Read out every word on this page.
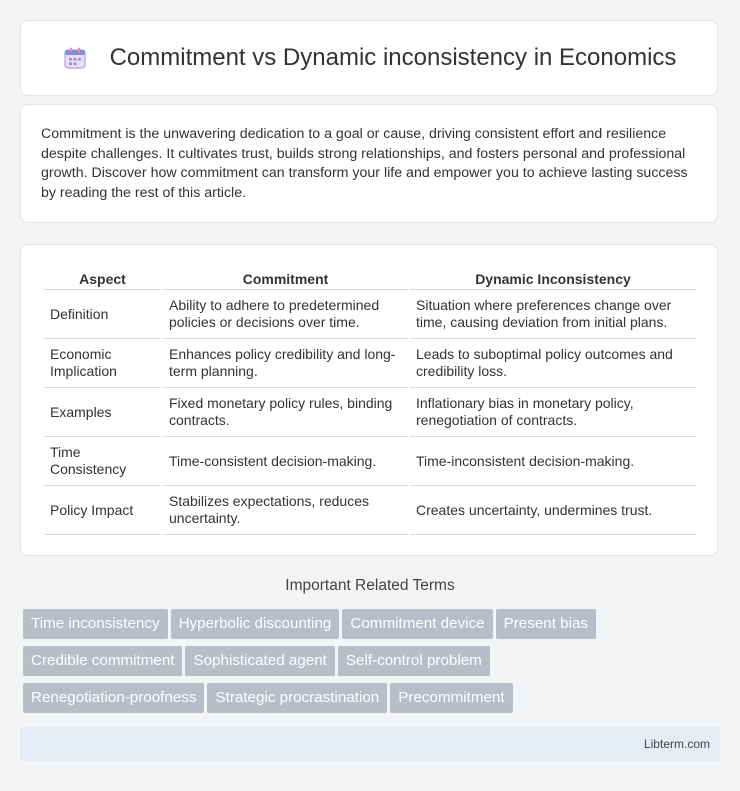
Commitment vs Dynamic inconsistency in Economics

Commitment is the unwavering dedication to a goal or cause, driving consistent effort and resilience despite challenges. It cultivates trust, builds strong relationships, and fosters personal and professional growth. Discover how commitment can transform your life and empower you to achieve lasting success by reading the rest of this article.

Aspect	Commitment	Dynamic Inconsistency
Definition	Ability to adhere to predetermined policies or decisions over time.	Situation where preferences change over time, causing deviation from initial plans.
Economic Implication	Enhances policy credibility and long-term planning.	Leads to suboptimal policy outcomes and credibility loss.
Examples	Fixed monetary policy rules, binding contracts.	Inflationary bias in monetary policy, renegotiation of contracts.
Time Consistency	Time-consistent decision-making.	Time-inconsistent decision-making.
Policy Impact	Stabilizes expectations, reduces uncertainty.	Creates uncertainty, undermines trust.
Important Related Terms
Time inconsistency Hyperbolic discounting Commitment device Present bias
Credible commitment Sophisticated agent Self-control problem
Renegotiation-proofness Strategic procrastination Precommitment
Libterm.com
